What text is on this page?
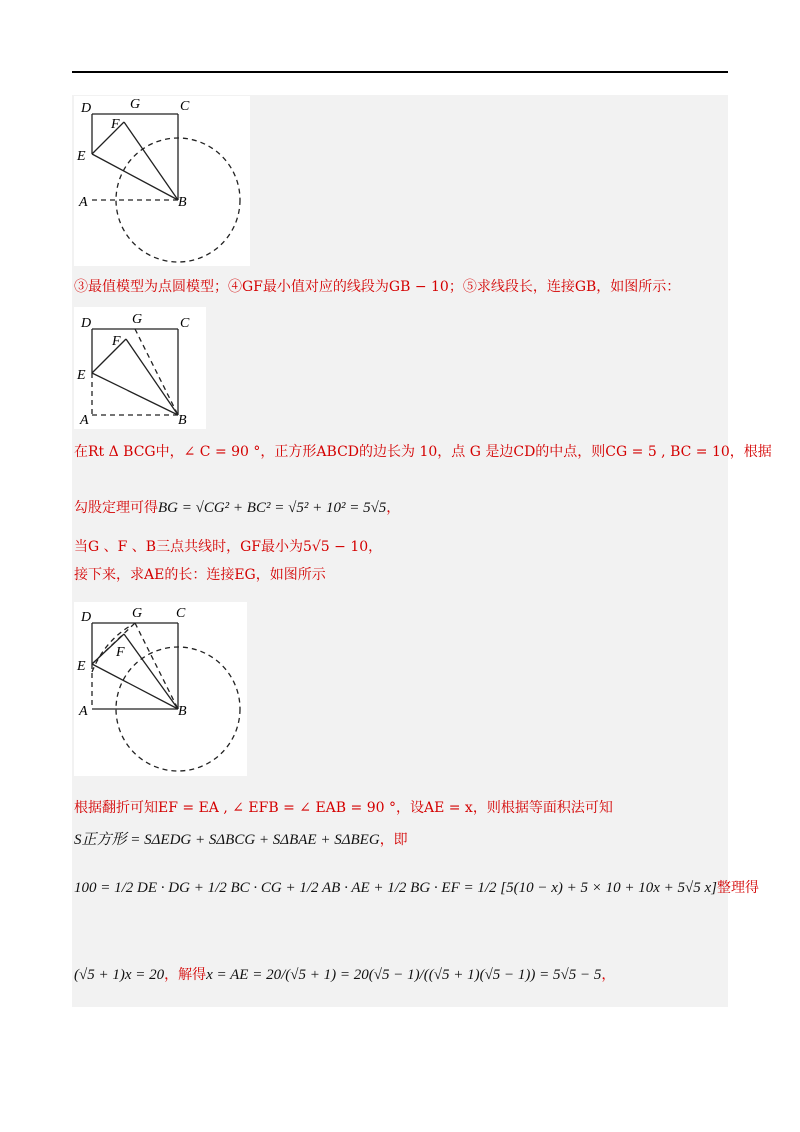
D	G	C
F
E
A	B
③最值模型为点圆模型；④GF最小值对应的线段为GB − 10；⑤求线段长，连接GB，如图所示：
D	G	C
F
E
A	B
在Rt Δ BCG中，∠ C = 90 °，正方形ABCD的边长为 10，点 G 是边CD的中点，则CG = 5 , BC = 10，根据
勾股定理可得BG = √CG² + BC² = √5² + 10² = 5√5，
当G 、F 、B三点共线时，GF最小为5√5 − 10，
接下来，求AE的长：连接EG，如图所示
D	G C
F
E
A	B
根据翻折可知EF = EA , ∠ EFB = ∠ EAB = 90 °，设AE = x，则根据等面积法可知
S正方形 = SΔEDG + SΔBCG + SΔBAE + SΔBEG，即
100 = 1/2 DE · DG + 1/2 BC · CG + 1/2 AB · AE + 1/2 BG · EF = 1/2 [5(10 − x) + 5 × 10 + 10x + 5√5 x]整理得
(√5 + 1)x = 20，解得x = AE = 20/(√5 + 1) = 20(√5 − 1)/((√5 + 1)(√5 − 1)) = 5√5 − 5，
